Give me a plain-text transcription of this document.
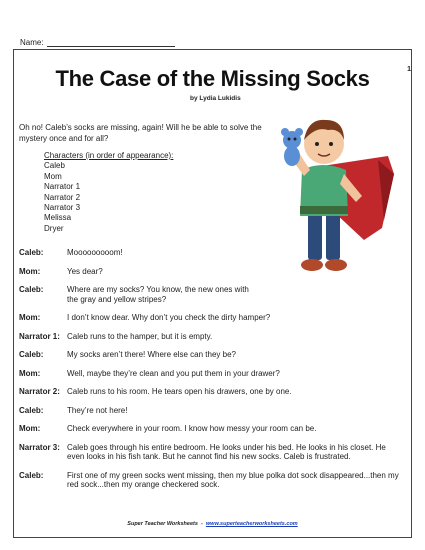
Name:
1
The Case of the Missing Socks
by Lydia Lukidis
Oh no! Caleb’s socks are missing, again! Will he be able to solve the mystery once and for all?
Characters (in order of appearance):
Caleb
Mom
Narrator 1
Narrator 2
Narrator 3
Melissa
Dryer
Caleb:	Mooooooooom!
Mom:	Yes dear?
Caleb:	Where are my socks? You know, the new ones with the gray and yellow stripes?
Mom:	I don’t know dear. Why don’t you check the dirty hamper?
Narrator 1: Caleb runs to the hamper, but it is empty.
Caleb:	My socks aren’t there! Where else can they be?
Mom:	Well, maybe they’re clean and you put them in your drawer?
Narrator 2: Caleb runs to his room. He tears open his drawers, one by one.
Caleb:	They’re not here!
Mom:	Check everywhere in your room. I know how messy your room can be.
Narrator 3: Caleb goes through his entire bedroom. He looks under his bed. He looks in his closet. He even looks in his fish tank. But he cannot find his new socks. Caleb is frustrated.
Caleb:	First one of my green socks went missing, then my blue polka dot sock disappeared...then my red sock...then my orange checkered sock.
Super Teacher Worksheets - www.superteacherworksheets.com
